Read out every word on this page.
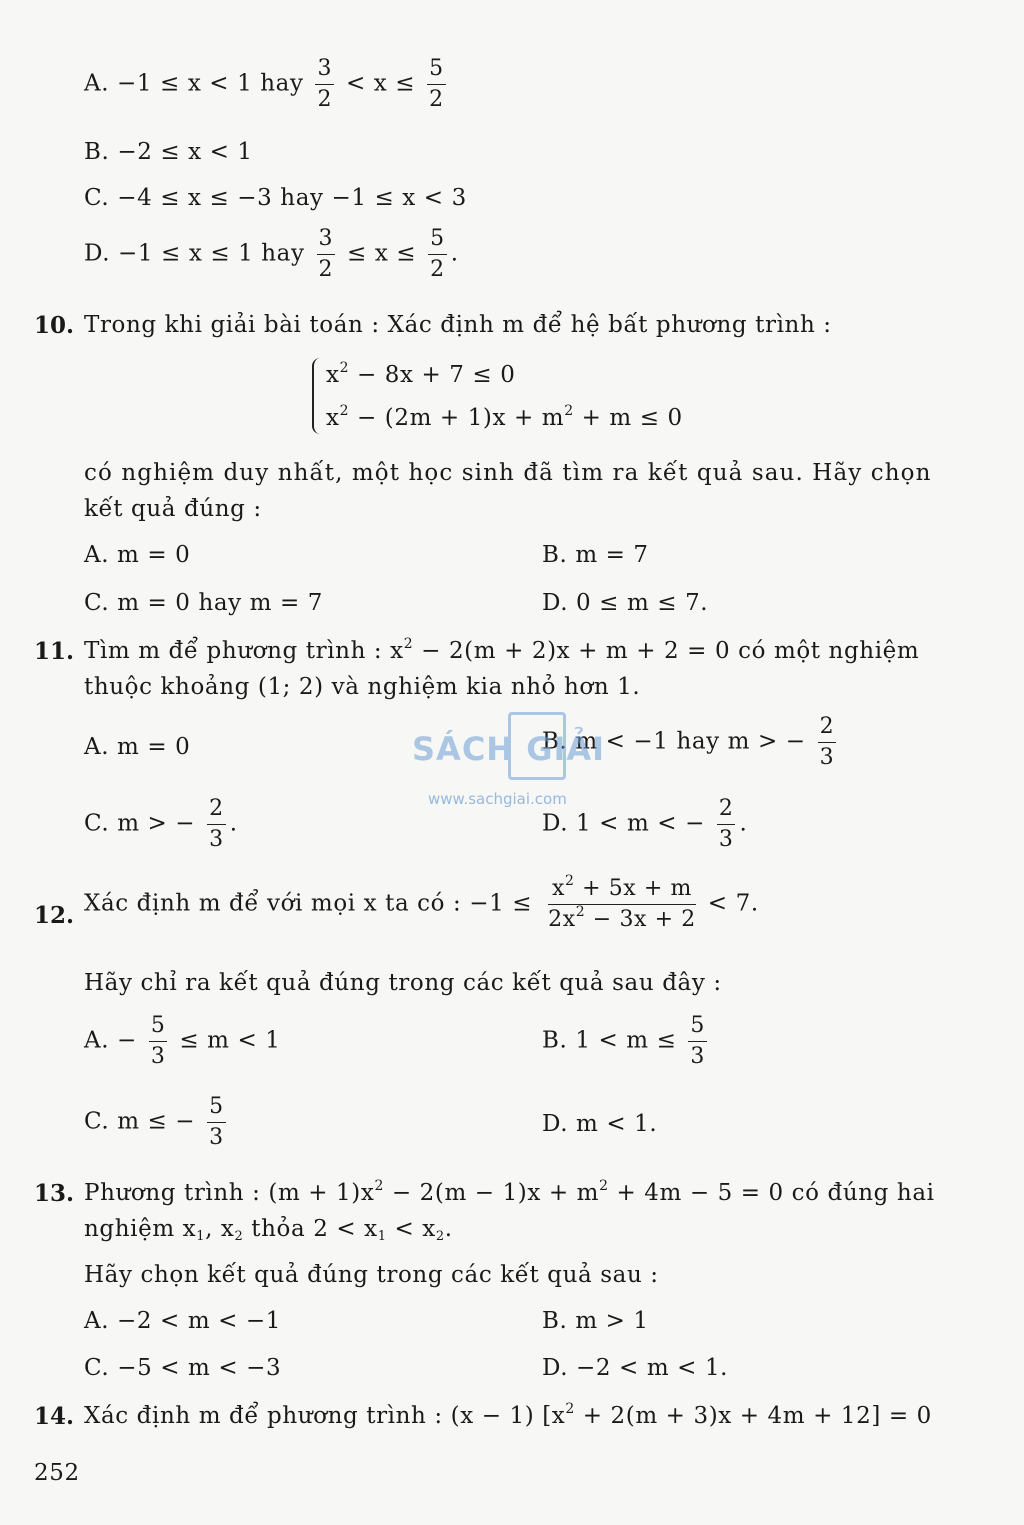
A. −1 ≤ x < 1 hay $\frac{3}{2} < x \le \frac{5}{2}$
B. −2 ≤ x < 1
C. −4 ≤ x ≤ −3 hay −1 ≤ x < 3
D. −1 ≤ x ≤ 1 hay $\frac{3}{2} \le x \le \frac{5}{2}$ .
10. Trong khi giải bài toán : Xác định m để hệ bất phương trình :
$x^2 - 8x + 7 \le 0$
$x^2 - (2m + 1)x + m^2 + m \le 0$
có nghiệm duy nhất, một học sinh đã tìm ra kết quả sau. Hãy chọn
kết quả đúng :
A. m = 0	B. m = 7
C. m = 0 hay m = 7	D. 0 ≤ m ≤ 7.
11. Tìm m để phương trình : $x^2 - 2(m + 2)x + m + 2 = 0$ có một nghiệm
thuộc khoảng (1; 2) và nghiệm kia nhỏ hơn 1.
A. m = 0	B. m < −1 hay m > − $\frac{2}{3}$
C. m > − $\frac{2}{3}$ .	D. 1 < m < − $\frac{2}{3}$ .
SÁCH GIẢI
www.sachgiai.com
12. Xác định m để với mọi x ta có : $-1 \le \frac{x^2 + 5x + m}{2x^2 - 3x + 2} < 7$.
Hãy chỉ ra kết quả đúng trong các kết quả sau đây :
A. − $\frac{5}{3} \le m < 1$	B. $1 < m \le \frac{5}{3}$
C. m ≤ − $\frac{5}{3}$	D. m < 1.
13. Phương trình : $(m + 1)x^2 - 2(m - 1)x + m^2 + 4m - 5 = 0$ có đúng hai
nghiệm $x_1$, $x_2$ thỏa $2 < x_1 < x_2$.
Hãy chọn kết quả đúng trong các kết quả sau :
A. −2 < m < −1	B. m > 1
C. −5 < m < −3	D. −2 < m < 1.
14. Xác định m để phương trình : (x − 1) $[x^2 + 2(m + 3)x + 4m + 12] = 0$
252
